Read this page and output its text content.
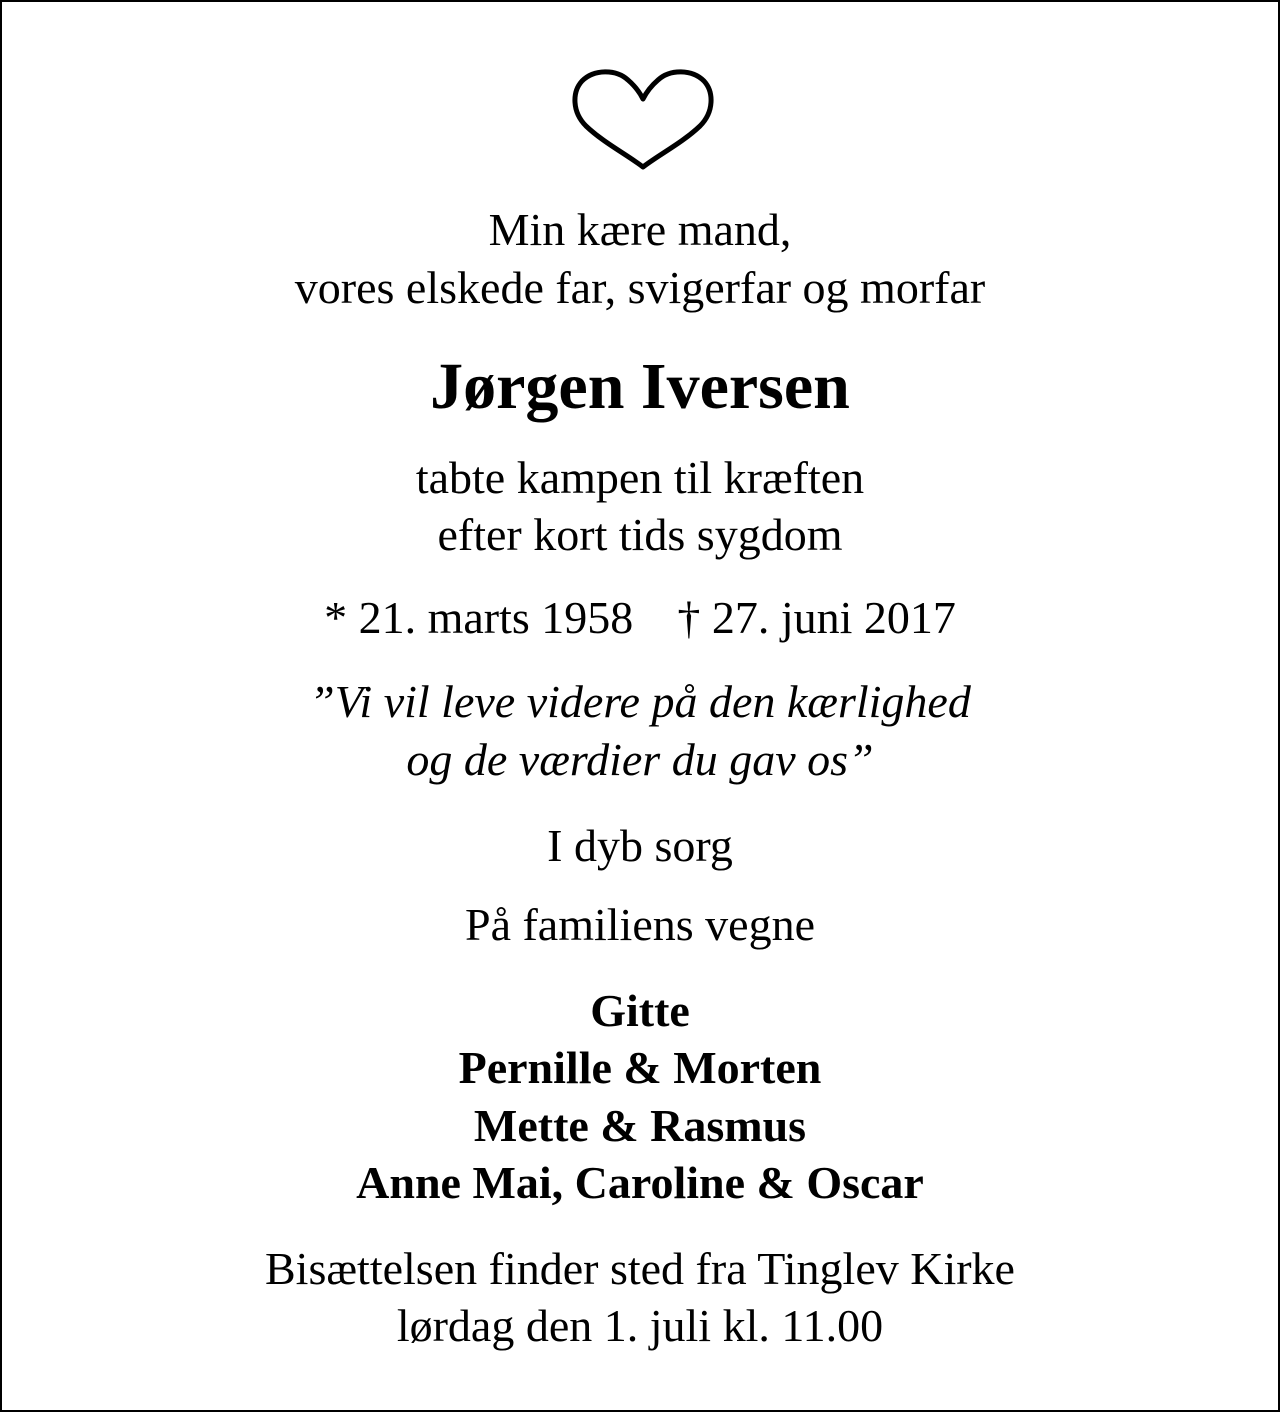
Min kære mand,
vores elskede far, svigerfar og morfar
Jørgen Iversen
tabte kampen til kræften
efter kort tids sygdom
* 21. marts 1958 † 27. juni 2017
”Vi vil leve videre på den kærlighed
og de værdier du gav os”
I dyb sorg
På familiens vegne
Gitte
Pernille & Morten
Mette & Rasmus
Anne Mai, Caroline & Oscar
Bisættelsen finder sted fra Tinglev Kirke
lørdag den 1. juli kl. 11.00
